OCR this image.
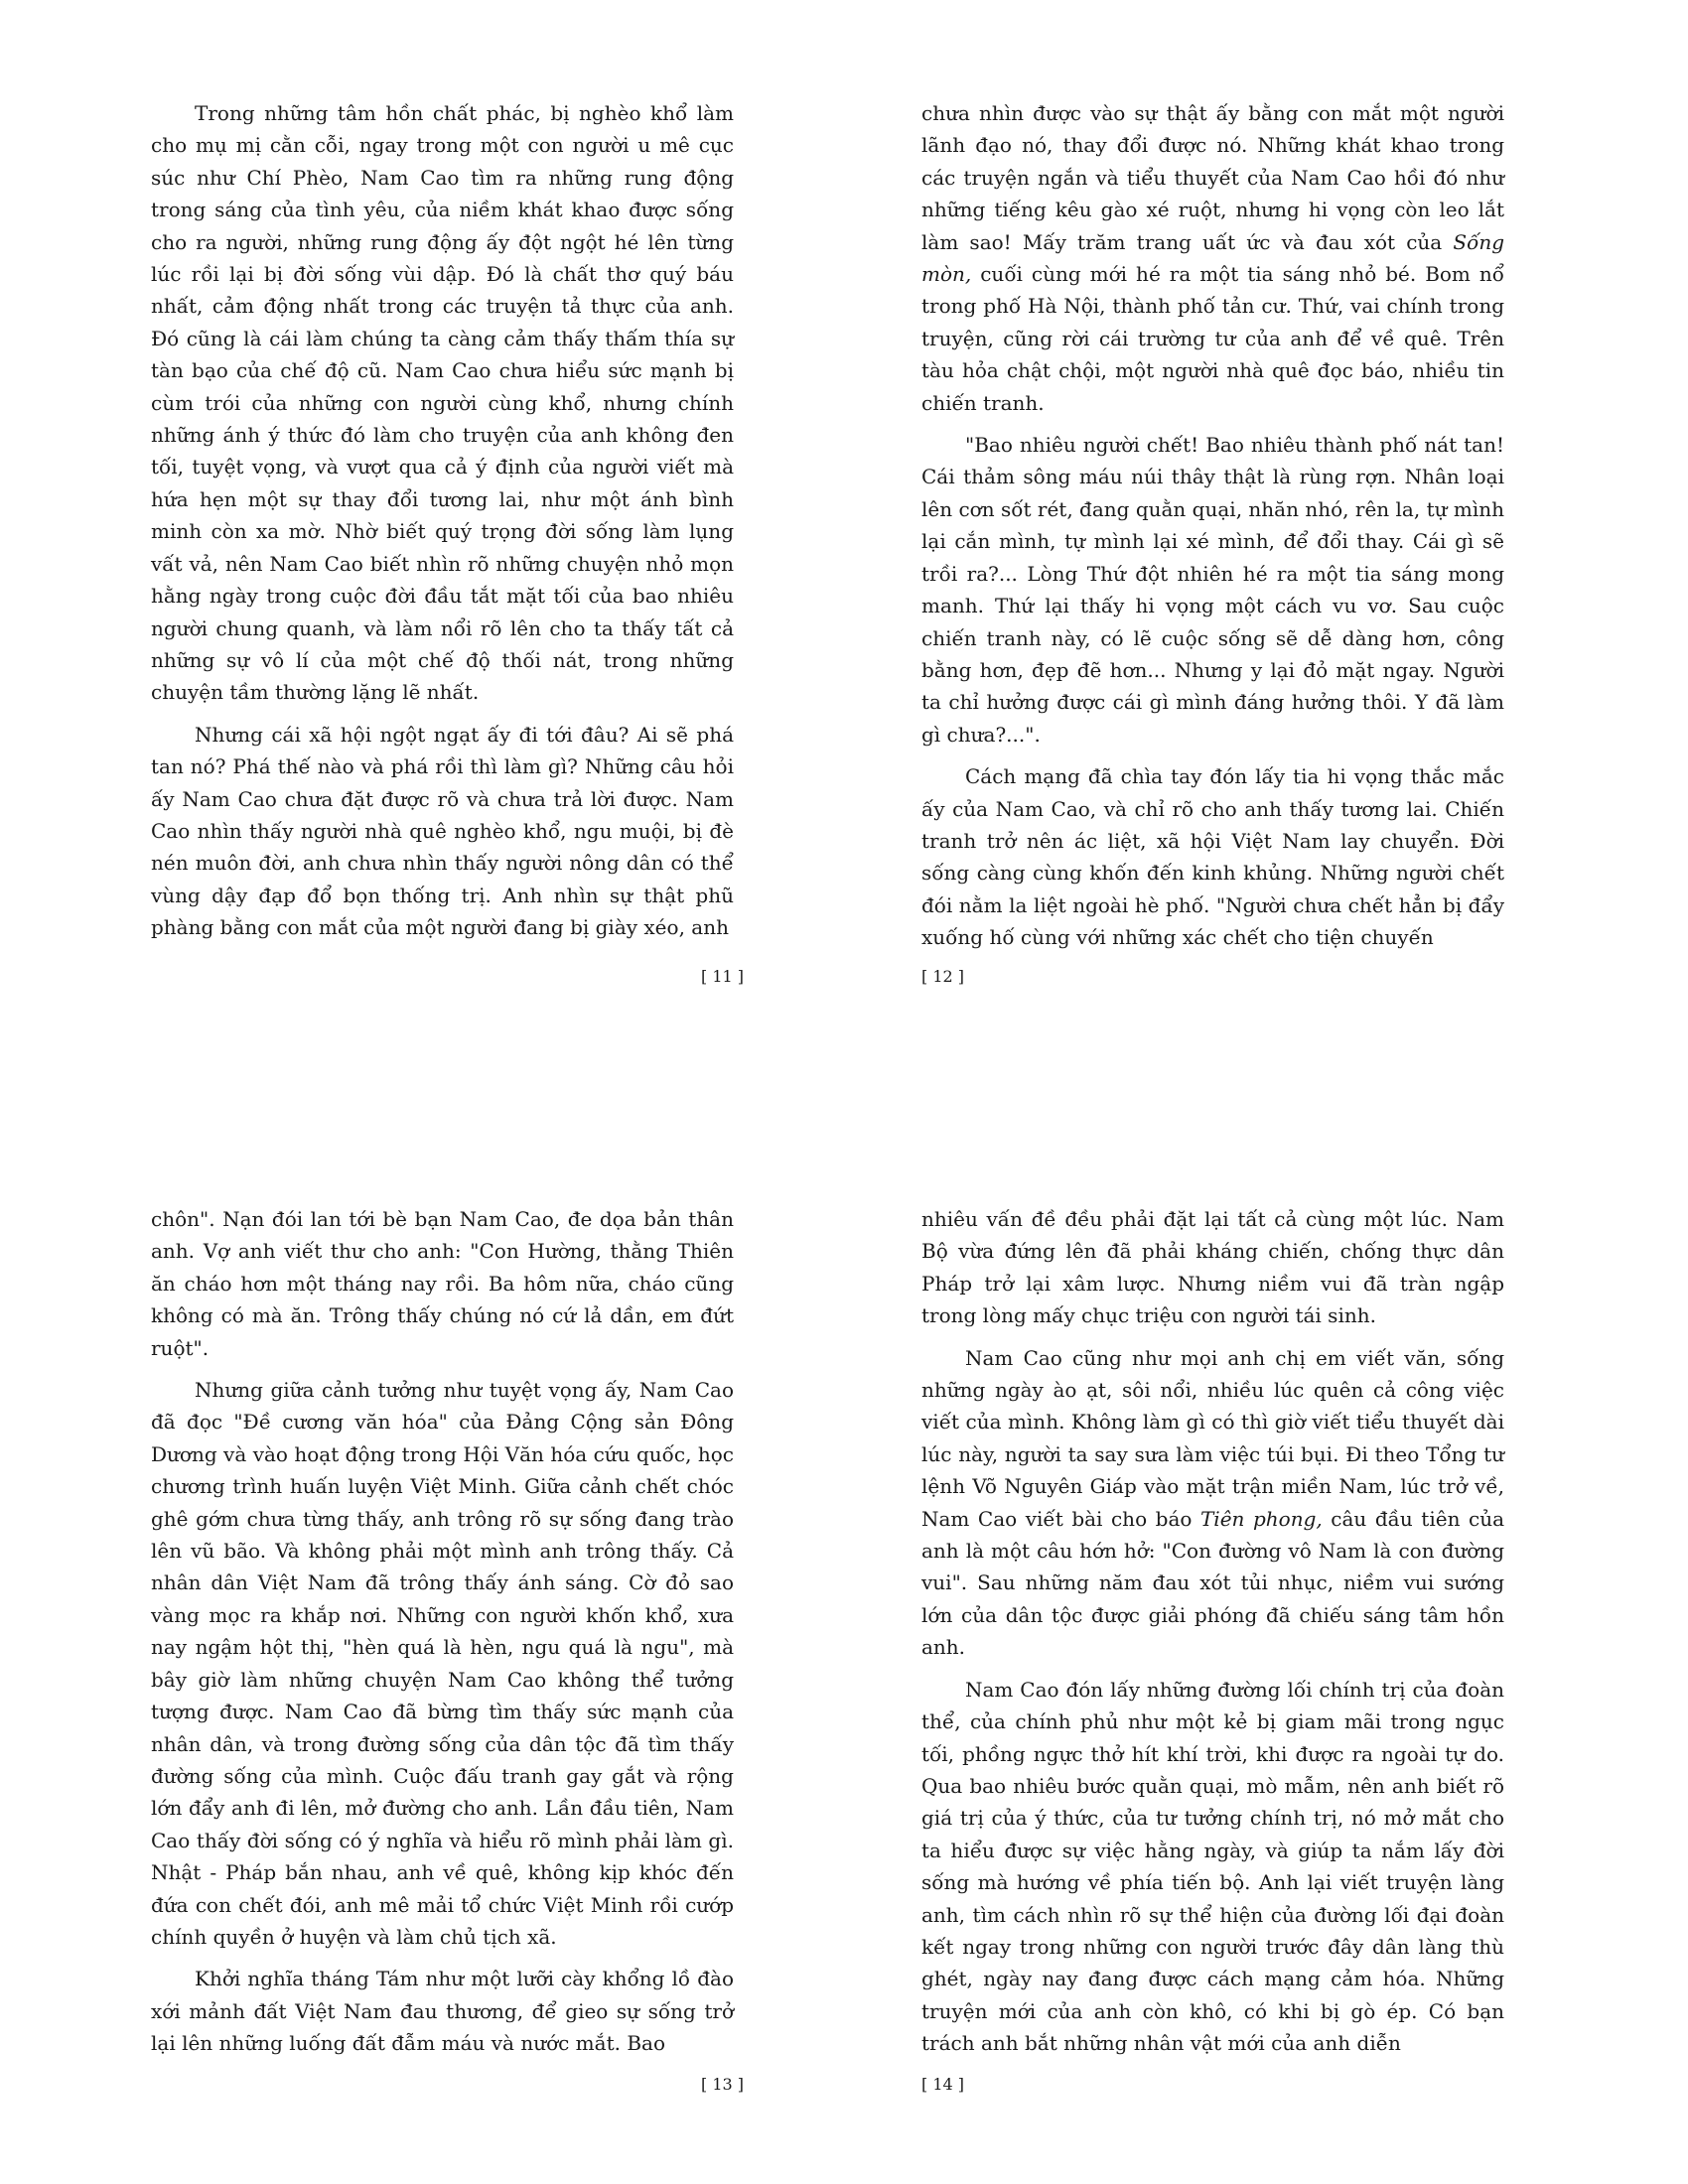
Trong những tâm hồn chất phác, bị nghèo khổ làm cho mụ mị cằn cỗi, ngay trong một con người u mê cục súc như Chí Phèo, Nam Cao tìm ra những rung động trong sáng của tình yêu, của niềm khát khao được sống cho ra người, những rung động ấy đột ngột hé lên từng lúc rồi lại bị đời sống vùi dập. Đó là chất thơ quý báu nhất, cảm động nhất trong các truyện tả thực của anh. Đó cũng là cái làm chúng ta càng cảm thấy thấm thía sự tàn bạo của chế độ cũ. Nam Cao chưa hiểu sức mạnh bị cùm trói của những con người cùng khổ, nhưng chính những ánh ý thức đó làm cho truyện của anh không đen tối, tuyệt vọng, và vượt qua cả ý định của người viết mà hứa hẹn một sự thay đổi tương lai, như một ánh bình minh còn xa mờ. Nhờ biết quý trọng đời sống làm lụng vất vả, nên Nam Cao biết nhìn rõ những chuyện nhỏ mọn hằng ngày trong cuộc đời đầu tắt mặt tối của bao nhiêu người chung quanh, và làm nổi rõ lên cho ta thấy tất cả những sự vô lí của một chế độ thối nát, trong những chuyện tầm thường lặng lẽ nhất.

Nhưng cái xã hội ngột ngạt ấy đi tới đâu? Ai sẽ phá tan nó? Phá thế nào và phá rồi thì làm gì? Những câu hỏi ấy Nam Cao chưa đặt được rõ và chưa trả lời được. Nam Cao nhìn thấy người nhà quê nghèo khổ, ngu muội, bị đè nén muôn đời, anh chưa nhìn thấy người nông dân có thể vùng dậy đạp đổ bọn thống trị. Anh nhìn sự thật phũ phàng bằng con mắt của một người đang bị giày xéo, anh

[ 11 ]

chưa nhìn được vào sự thật ấy bằng con mắt một người lãnh đạo nó, thay đổi được nó. Những khát khao trong các truyện ngắn và tiểu thuyết của Nam Cao hồi đó như những tiếng kêu gào xé ruột, nhưng hi vọng còn leo lắt làm sao! Mấy trăm trang uất ức và đau xót của Sống mòn, cuối cùng mới hé ra một tia sáng nhỏ bé. Bom nổ trong phố Hà Nội, thành phố tản cư. Thứ, vai chính trong truyện, cũng rời cái trường tư của anh để về quê. Trên tàu hỏa chật chội, một người nhà quê đọc báo, nhiều tin chiến tranh.

"Bao nhiêu người chết! Bao nhiêu thành phố nát tan! Cái thảm sông máu núi thây thật là rùng rợn. Nhân loại lên cơn sốt rét, đang quằn quại, nhăn nhó, rên la, tự mình lại cắn mình, tự mình lại xé mình, để đổi thay. Cái gì sẽ trồi ra?... Lòng Thứ đột nhiên hé ra một tia sáng mong manh. Thứ lại thấy hi vọng một cách vu vơ. Sau cuộc chiến tranh này, có lẽ cuộc sống sẽ dễ dàng hơn, công bằng hơn, đẹp đẽ hơn... Nhưng y lại đỏ mặt ngay. Người ta chỉ hưởng được cái gì mình đáng hưởng thôi. Y đã làm gì chưa?...".

Cách mạng đã chìa tay đón lấy tia hi vọng thắc mắc ấy của Nam Cao, và chỉ rõ cho anh thấy tương lai. Chiến tranh trở nên ác liệt, xã hội Việt Nam lay chuyển. Đời sống càng cùng khốn đến kinh khủng. Những người chết đói nằm la liệt ngoài hè phố. "Người chưa chết hẳn bị đẩy xuống hố cùng với những xác chết cho tiện chuyến

[ 12 ]

chôn". Nạn đói lan tới bè bạn Nam Cao, đe dọa bản thân anh. Vợ anh viết thư cho anh: "Con Hường, thằng Thiên ăn cháo hơn một tháng nay rồi. Ba hôm nữa, cháo cũng không có mà ăn. Trông thấy chúng nó cứ lả dần, em đứt ruột".

Nhưng giữa cảnh tưởng như tuyệt vọng ấy, Nam Cao đã đọc "Đề cương văn hóa" của Đảng Cộng sản Đông Dương và vào hoạt động trong Hội Văn hóa cứu quốc, học chương trình huấn luyện Việt Minh. Giữa cảnh chết chóc ghê gớm chưa từng thấy, anh trông rõ sự sống đang trào lên vũ bão. Và không phải một mình anh trông thấy. Cả nhân dân Việt Nam đã trông thấy ánh sáng. Cờ đỏ sao vàng mọc ra khắp nơi. Những con người khốn khổ, xưa nay ngậm hột thị, "hèn quá là hèn, ngu quá là ngu", mà bây giờ làm những chuyện Nam Cao không thể tưởng tượng được. Nam Cao đã bừng tìm thấy sức mạnh của nhân dân, và trong đường sống của dân tộc đã tìm thấy đường sống của mình. Cuộc đấu tranh gay gắt và rộng lớn đẩy anh đi lên, mở đường cho anh. Lần đầu tiên, Nam Cao thấy đời sống có ý nghĩa và hiểu rõ mình phải làm gì. Nhật - Pháp bắn nhau, anh về quê, không kịp khóc đến đứa con chết đói, anh mê mải tổ chức Việt Minh rồi cướp chính quyền ở huyện và làm chủ tịch xã.

Khởi nghĩa tháng Tám như một lưỡi cày khổng lồ đào xới mảnh đất Việt Nam đau thương, để gieo sự sống trở lại lên những luống đất đẫm máu và nước mắt. Bao

[ 13 ]

nhiêu vấn đề đều phải đặt lại tất cả cùng một lúc. Nam Bộ vừa đứng lên đã phải kháng chiến, chống thực dân Pháp trở lại xâm lược. Nhưng niềm vui đã tràn ngập trong lòng mấy chục triệu con người tái sinh.

Nam Cao cũng như mọi anh chị em viết văn, sống những ngày ào ạt, sôi nổi, nhiều lúc quên cả công việc viết của mình. Không làm gì có thì giờ viết tiểu thuyết dài lúc này, người ta say sưa làm việc túi bụi. Đi theo Tổng tư lệnh Võ Nguyên Giáp vào mặt trận miền Nam, lúc trở về, Nam Cao viết bài cho báo Tiên phong, câu đầu tiên của anh là một câu hớn hở: "Con đường vô Nam là con đường vui". Sau những năm đau xót tủi nhục, niềm vui sướng lớn của dân tộc được giải phóng đã chiếu sáng tâm hồn anh.

Nam Cao đón lấy những đường lối chính trị của đoàn thể, của chính phủ như một kẻ bị giam mãi trong ngục tối, phồng ngực thở hít khí trời, khi được ra ngoài tự do. Qua bao nhiêu bước quằn quại, mò mẫm, nên anh biết rõ giá trị của ý thức, của tư tưởng chính trị, nó mở mắt cho ta hiểu được sự việc hằng ngày, và giúp ta nắm lấy đời sống mà hướng về phía tiến bộ. Anh lại viết truyện làng anh, tìm cách nhìn rõ sự thể hiện của đường lối đại đoàn kết ngay trong những con người trước đây dân làng thù ghét, ngày nay đang được cách mạng cảm hóa. Những truyện mới của anh còn khô, có khi bị gò ép. Có bạn trách anh bắt những nhân vật mới của anh diễn

[ 14 ]
